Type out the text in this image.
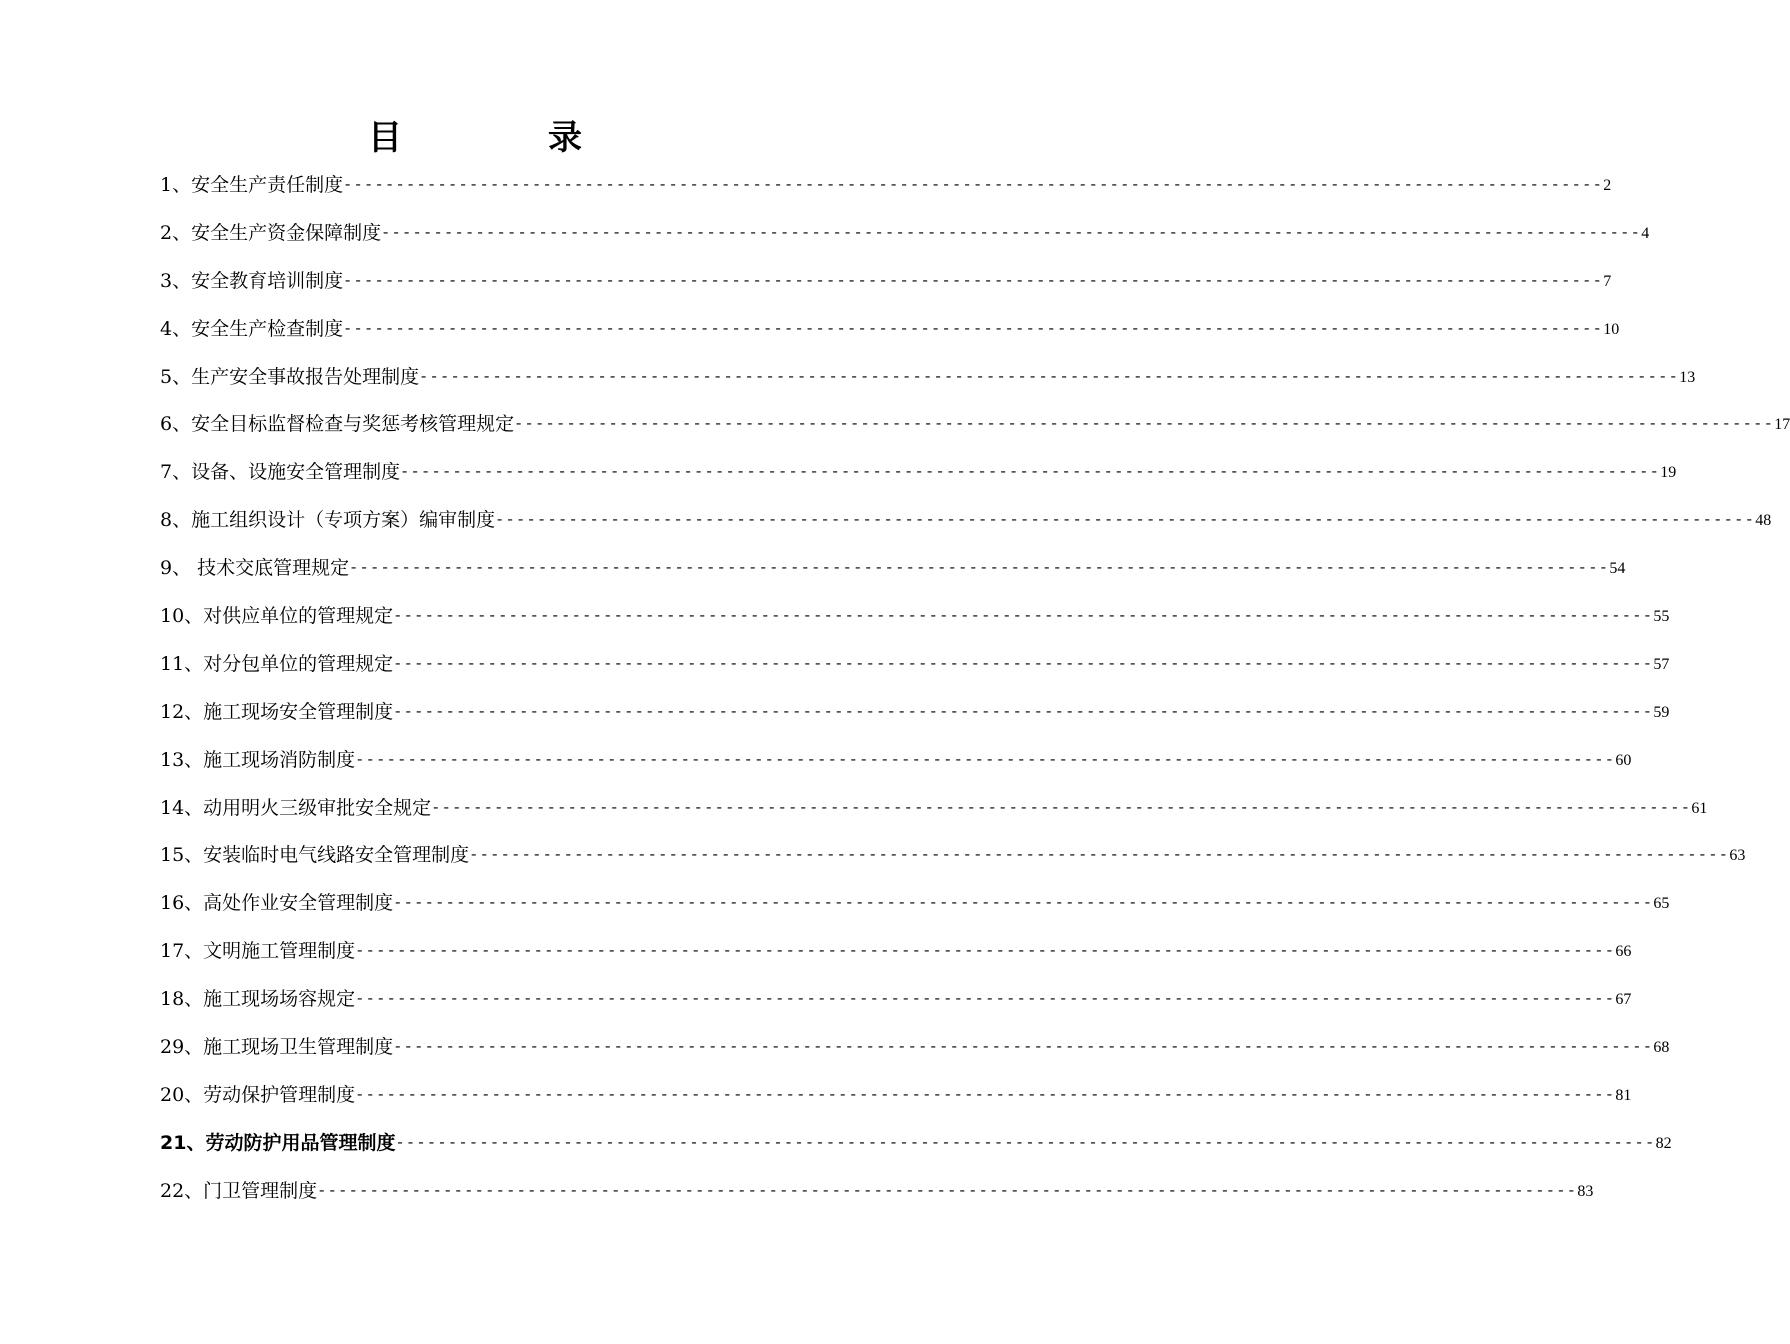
目　录
1、安全生产责任制度 ------------------------------------------------------------------------------------------------------------------------ 2
2、安全生产资金保障制度 ------------------------------------------------------------------------------------------------------------------------ 4
3、安全教育培训制度 ------------------------------------------------------------------------------------------------------------------------ 7
4、安全生产检查制度 ------------------------------------------------------------------------------------------------------------------------ 10
5、生产安全事故报告处理制度 ------------------------------------------------------------------------------------------------------------------------ 13
6、安全目标监督检查与奖惩考核管理规定 ------------------------------------------------------------------------------------------------------------------------ 17
7、设备、设施安全管理制度 ------------------------------------------------------------------------------------------------------------------------ 19
8、施工组织设计（专项方案）编审制度 ------------------------------------------------------------------------------------------------------------------------ 48
9、 技术交底管理规定 ------------------------------------------------------------------------------------------------------------------------ 54
10、对供应单位的管理规定 ------------------------------------------------------------------------------------------------------------------------ 55
11、对分包单位的管理规定 ------------------------------------------------------------------------------------------------------------------------ 57
12、施工现场安全管理制度 ------------------------------------------------------------------------------------------------------------------------ 59
13、施工现场消防制度 ------------------------------------------------------------------------------------------------------------------------ 60
14、动用明火三级审批安全规定 ------------------------------------------------------------------------------------------------------------------------ 61
15、安装临时电气线路安全管理制度 ------------------------------------------------------------------------------------------------------------------------ 63
16、高处作业安全管理制度 ------------------------------------------------------------------------------------------------------------------------ 65
17、文明施工管理制度 ------------------------------------------------------------------------------------------------------------------------ 66
18、施工现场场容规定 ------------------------------------------------------------------------------------------------------------------------ 67
29、施工现场卫生管理制度 ------------------------------------------------------------------------------------------------------------------------ 68
20、劳动保护管理制度 ------------------------------------------------------------------------------------------------------------------------ 81
21、劳动防护用品管理制度 ------------------------------------------------------------------------------------------------------------------------ 82
22、门卫管理制度 ------------------------------------------------------------------------------------------------------------------------ 83
